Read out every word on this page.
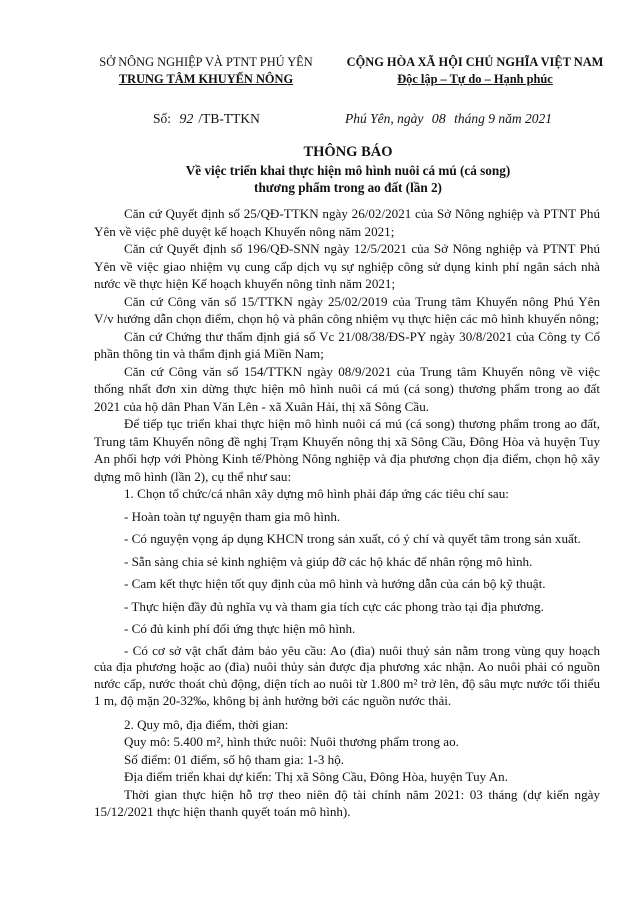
SỞ NÔNG NGHIỆP VÀ PTNT PHÚ YÊN
TRUNG TÂM KHUYẾN NÔNG
CỘNG HÒA XÃ HỘI CHỦ NGHĨA VIỆT NAM
Độc lập – Tự do – Hạnh phúc
Số: 92 /TB-TTKN	Phú Yên, ngày 08 tháng 9 năm 2021
THÔNG BÁO
Về việc triển khai thực hiện mô hình nuôi cá mú (cá song)
thương phẩm trong ao đất (lần 2)

Căn cứ Quyết định số 25/QĐ-TTKN ngày 26/02/2021 của Sở Nông nghiệp và PTNT Phú Yên về việc phê duyệt kế hoạch Khuyến nông năm 2021;

Căn cứ Quyết định số 196/QĐ-SNN ngày 12/5/2021 của Sở Nông nghiệp và PTNT Phú Yên về việc giao nhiệm vụ cung cấp dịch vụ sự nghiệp công sử dụng kinh phí ngân sách nhà nước về thực hiện Kế hoạch khuyến nông tỉnh năm 2021;

Căn cứ Công văn số 15/TTKN ngày 25/02/2019 của Trung tâm Khuyến nông Phú Yên V/v hướng dẫn chọn điểm, chọn hộ và phân công nhiệm vụ thực hiện các mô hình khuyến nông;

Căn cứ Chứng thư thẩm định giá số Vc 21/08/38/ĐS-PY ngày 30/8/2021 của Công ty Cổ phần thông tin và thẩm định giá Miền Nam;

Căn cứ Công văn số 154/TTKN ngày 08/9/2021 của Trung tâm Khuyến nông về việc thống nhất đơn xin dừng thực hiện mô hình nuôi cá mú (cá song) thương phẩm trong ao đất 2021 của hộ dân Phan Văn Lên - xã Xuân Hải, thị xã Sông Cầu.

Để tiếp tục triển khai thực hiện mô hình nuôi cá mú (cá song) thương phẩm trong ao đất, Trung tâm Khuyến nông đề nghị Trạm Khuyến nông thị xã Sông Cầu, Đông Hòa và huyện Tuy An phối hợp với Phòng Kinh tế/Phòng Nông nghiệp và địa phương chọn địa điểm, chọn hộ xây dựng mô hình (lần 2), cụ thể như sau:

1. Chọn tổ chức/cá nhân xây dựng mô hình phải đáp ứng các tiêu chí sau:

- Hoàn toàn tự nguyện tham gia mô hình.

- Có nguyện vọng áp dụng KHCN trong sản xuất, có ý chí và quyết tâm trong sản xuất.

- Sẵn sàng chia sẻ kinh nghiệm và giúp đỡ các hộ khác để nhân rộng mô hình.

- Cam kết thực hiện tốt quy định của mô hình và hướng dẫn của cán bộ kỹ thuật.

- Thực hiện đầy đủ nghĩa vụ và tham gia tích cực các phong trào tại địa phương.

- Có đủ kinh phí đối ứng thực hiện mô hình.

- Có cơ sở vật chất đảm bảo yêu cầu: Ao (đìa) nuôi thuỷ sản nằm trong vùng quy hoạch của địa phương hoặc ao (đìa) nuôi thủy sản được địa phương xác nhận. Ao nuôi phải có nguồn nước cấp, nước thoát chủ động, diện tích ao nuôi từ 1.800 m² trở lên, độ sâu mực nước tối thiểu 1 m, độ mặn 20-32‰, không bị ảnh hưởng bởi các nguồn nước thải.

2. Quy mô, địa điểm, thời gian:

Quy mô: 5.400 m², hình thức nuôi: Nuôi thương phẩm trong ao.

Số điểm: 01 điểm, số hộ tham gia: 1-3 hộ.

Địa điểm triển khai dự kiến: Thị xã Sông Cầu, Đông Hòa, huyện Tuy An.

Thời gian thực hiện hỗ trợ theo niên độ tài chính năm 2021: 03 tháng (dự kiến ngày 15/12/2021 thực hiện thanh quyết toán mô hình).
